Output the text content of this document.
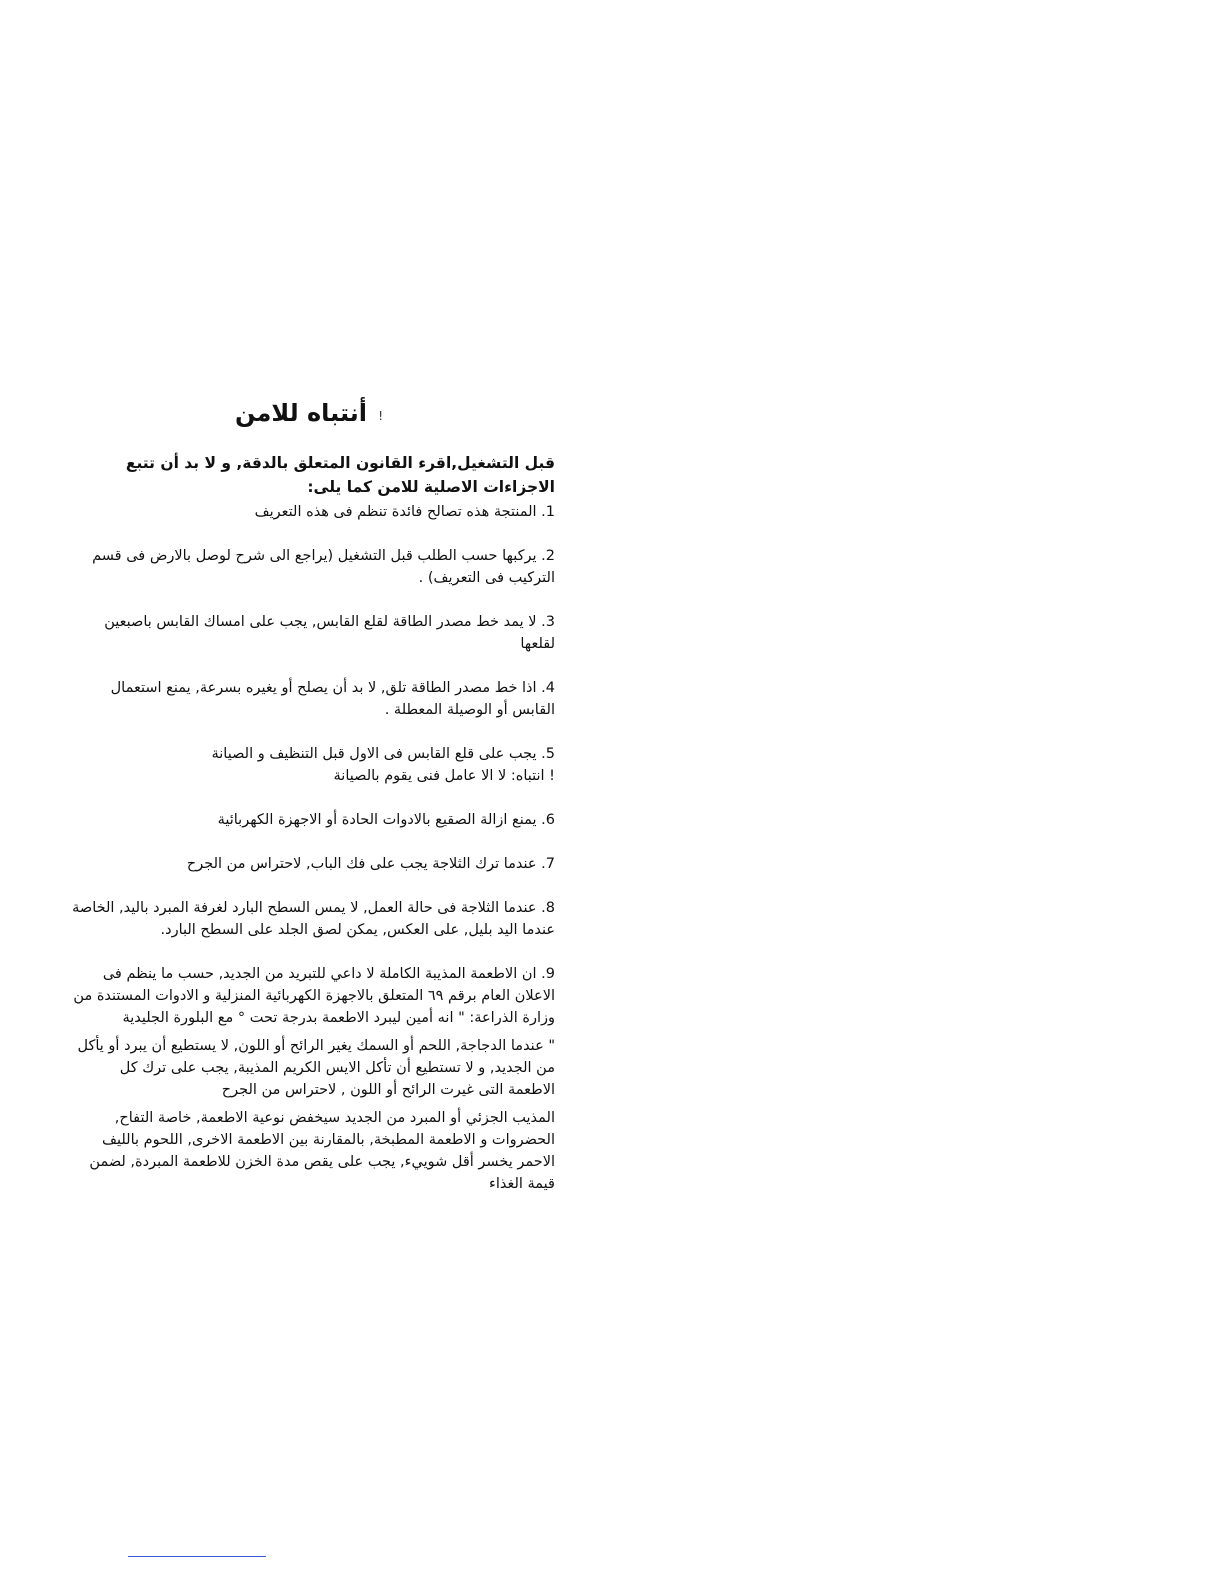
أنتباه للامن !

قبل التشغيل,اقرء القانون المتعلق بالدقة, و لا بد أن تتبع الاجزاءات الاصلية للامن كما يلى:

1. المنتجة هذه تصالح فائدة تنظم فى هذه التعريف

2. يركبها حسب الطلب قبل التشغيل (يراجع الى شرح لوصل بالارض فى قسم التركيب فى التعريف) .

3. لا يمد خط مصدر الطاقة لقلع القابس, يجب على امساك القابس باصبعين لقلعها

4. اذا خط مصدر الطاقة تلق, لا بد أن يصلح أو يغيره بسرعة, يمنع استعمال القابس أو الوصيلة المعطلة .

5. يجب على قلع القابس فى الاول قبل التنظيف و الصيانة

! انتباه: لا الا عامل فنى يقوم بالصيانة

6. يمنع ازالة الصقيع بالادوات الحادة أو الاجهزة الكهربائية

7. عندما ترك الثلاجة يجب على فك الباب, لاحتراس من الجرح

8. عندما الثلاجة فى حالة العمل, لا يمس السطح البارد لغرفة المبرد باليد, الخاصة عندما اليد بليل, على العكس, يمكن لصق الجلد على السطح البارد.

9. ان الاطعمة المذيبة الكاملة لا داعي للتبريد من الجديد, حسب ما ينظم فى الاعلان العام برقم ٦٩ المتعلق بالاجهزة الكهربائية المنزلية و الادوات المستندة من وزارة الذراعة: " انه أمين ليبرد الاطعمة بدرجة تحت ° مع البلورة الجليدية

" عندما الدجاجة, اللحم أو السمك يغير الرائح أو اللون, لا يستطيع أن يبرد أو يأكل من الجديد, و لا تستطيع أن تأكل الايس الكريم المذيبة, يجب على ترك كل الاطعمة التى غيرت الرائح أو اللون , لاحتراس من الجرح

المذيب الجزئي أو المبرد من الجديد سيخفض نوعية الاطعمة, خاصة التفاح, الحضروات و الاطعمة المطبخة, بالمقارنة بين الاطعمة الاخرى, اللحوم بالليف الاحمر يخسر أقل شوييء, يجب على يقص مدة الخزن للاطعمة المبردة, لضمن قيمة الغذاء
